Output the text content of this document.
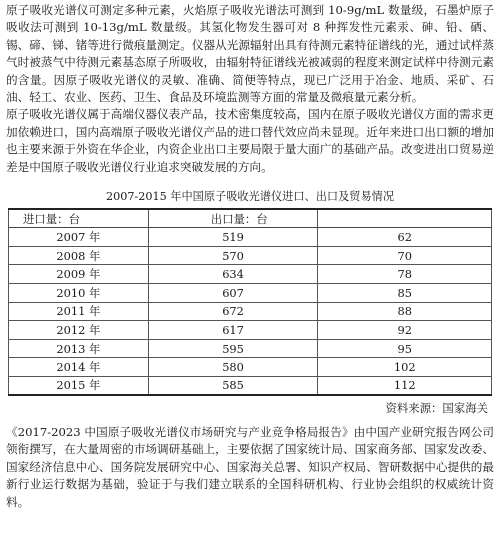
原子吸收光谱仪可测定多种元素，火焰原子吸收光谱法可测到 10-9g/mL 数量级，石墨炉原子吸收法可测到 10-13g/mL 数量级。其氢化物发生器可对 8 种挥发性元素汞、砷、铅、硒、锡、碲、锑、锗等进行微痕量测定。仪器从光源辐射出具有待测元素特征谱线的光，通过试样蒸气时被蒸气中待测元素基态原子所吸收，由辐射特征谱线光被减弱的程度来测定试样中待测元素的含量。因原子吸收光谱仪的灵敏、准确、简便等特点，现已广泛用于冶金、地质、采矿、石油、轻工、农业、医药、卫生、食品及环境监测等方面的常量及微痕量元素分析。

原子吸收光谱仪属于高端仪器仪表产品，技术密集度较高，国内在原子吸收光谱仪方面的需求更加依赖进口，国内高端原子吸收光谱仪产品的进口替代效应尚未显现。近年来进口出口额的增加也主要来源于外资在华企业，内资企业出口主要局限于量大面广的基础产品。改变进出口贸易逆差是中国原子吸收光谱仪行业追求突破发展的方向。

2007-2015 年中国原子吸收光谱仪进口、出口及贸易情况
进口量：台	出口量：台	
2007 年	519	62
2008 年	570	70
2009 年	634	78
2010 年	607	85
2011 年	672	88
2012 年	617	92
2013 年	595	95
2014 年	580	102
2015 年	585	112
资料来源：国家海关

《2017-2023 中国原子吸收光谱仪市场研究与产业竞争格局报告》由中国产业研究报告网公司领衔撰写，在大量周密的市场调研基础上，主要依据了国家统计局、国家商务部、国家发改委、国家经济信息中心、国务院发展研究中心、国家海关总署、知识产权局、智研数据中心提供的最新行业运行数据为基础，验证于与我们建立联系的全国科研机构、行业协会组织的权威统计资料。
